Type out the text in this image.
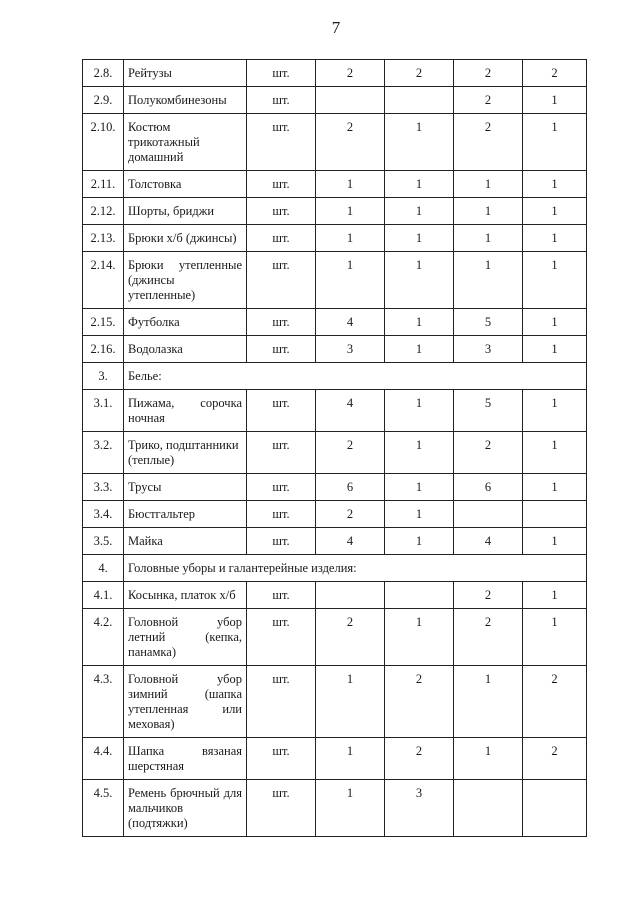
7
2.8.	Рейтузы	шт.	2	2	2	2
2.9.	Полукомбинезоны	шт.			2	1
2.10.	Костюм трикотажный домашний	шт.	2	1	2	1
2.11.	Толстовка	шт.	1	1	1	1
2.12.	Шорты, бриджи	шт.	1	1	1	1
2.13.	Брюки х/б (джинсы)	шт.	1	1	1	1
2.14.	Брюки утепленные (джинсы утепленные)	шт.	1	1	1	1
2.15.	Футболка	шт.	4	1	5	1
2.16.	Водолазка	шт.	3	1	3	1
3.	Белье:					
3.1.	Пижама, сорочка ночная	шт.	4	1	5	1
3.2.	Трико, подштанники (теплые)	шт.	2	1	2	1
3.3.	Трусы	шт.	6	1	6	1
3.4.	Бюстгальтер	шт.	2	1		
3.5.	Майка	шт.	4	1	4	1
4.	Головные уборы и галантерейные изделия:					
4.1.	Косынка, платок х/б	шт.			2	1
4.2.	Головной убор летний (кепка, панамка)	шт.	2	1	2	1
4.3.	Головной убор зимний (шапка утепленная или меховая)	шт.	1	2	1	2
4.4.	Шапка вязаная шерстяная	шт.	1	2	1	2
4.5.	Ремень брючный для мальчиков (подтяжки)	шт.	1	3		
